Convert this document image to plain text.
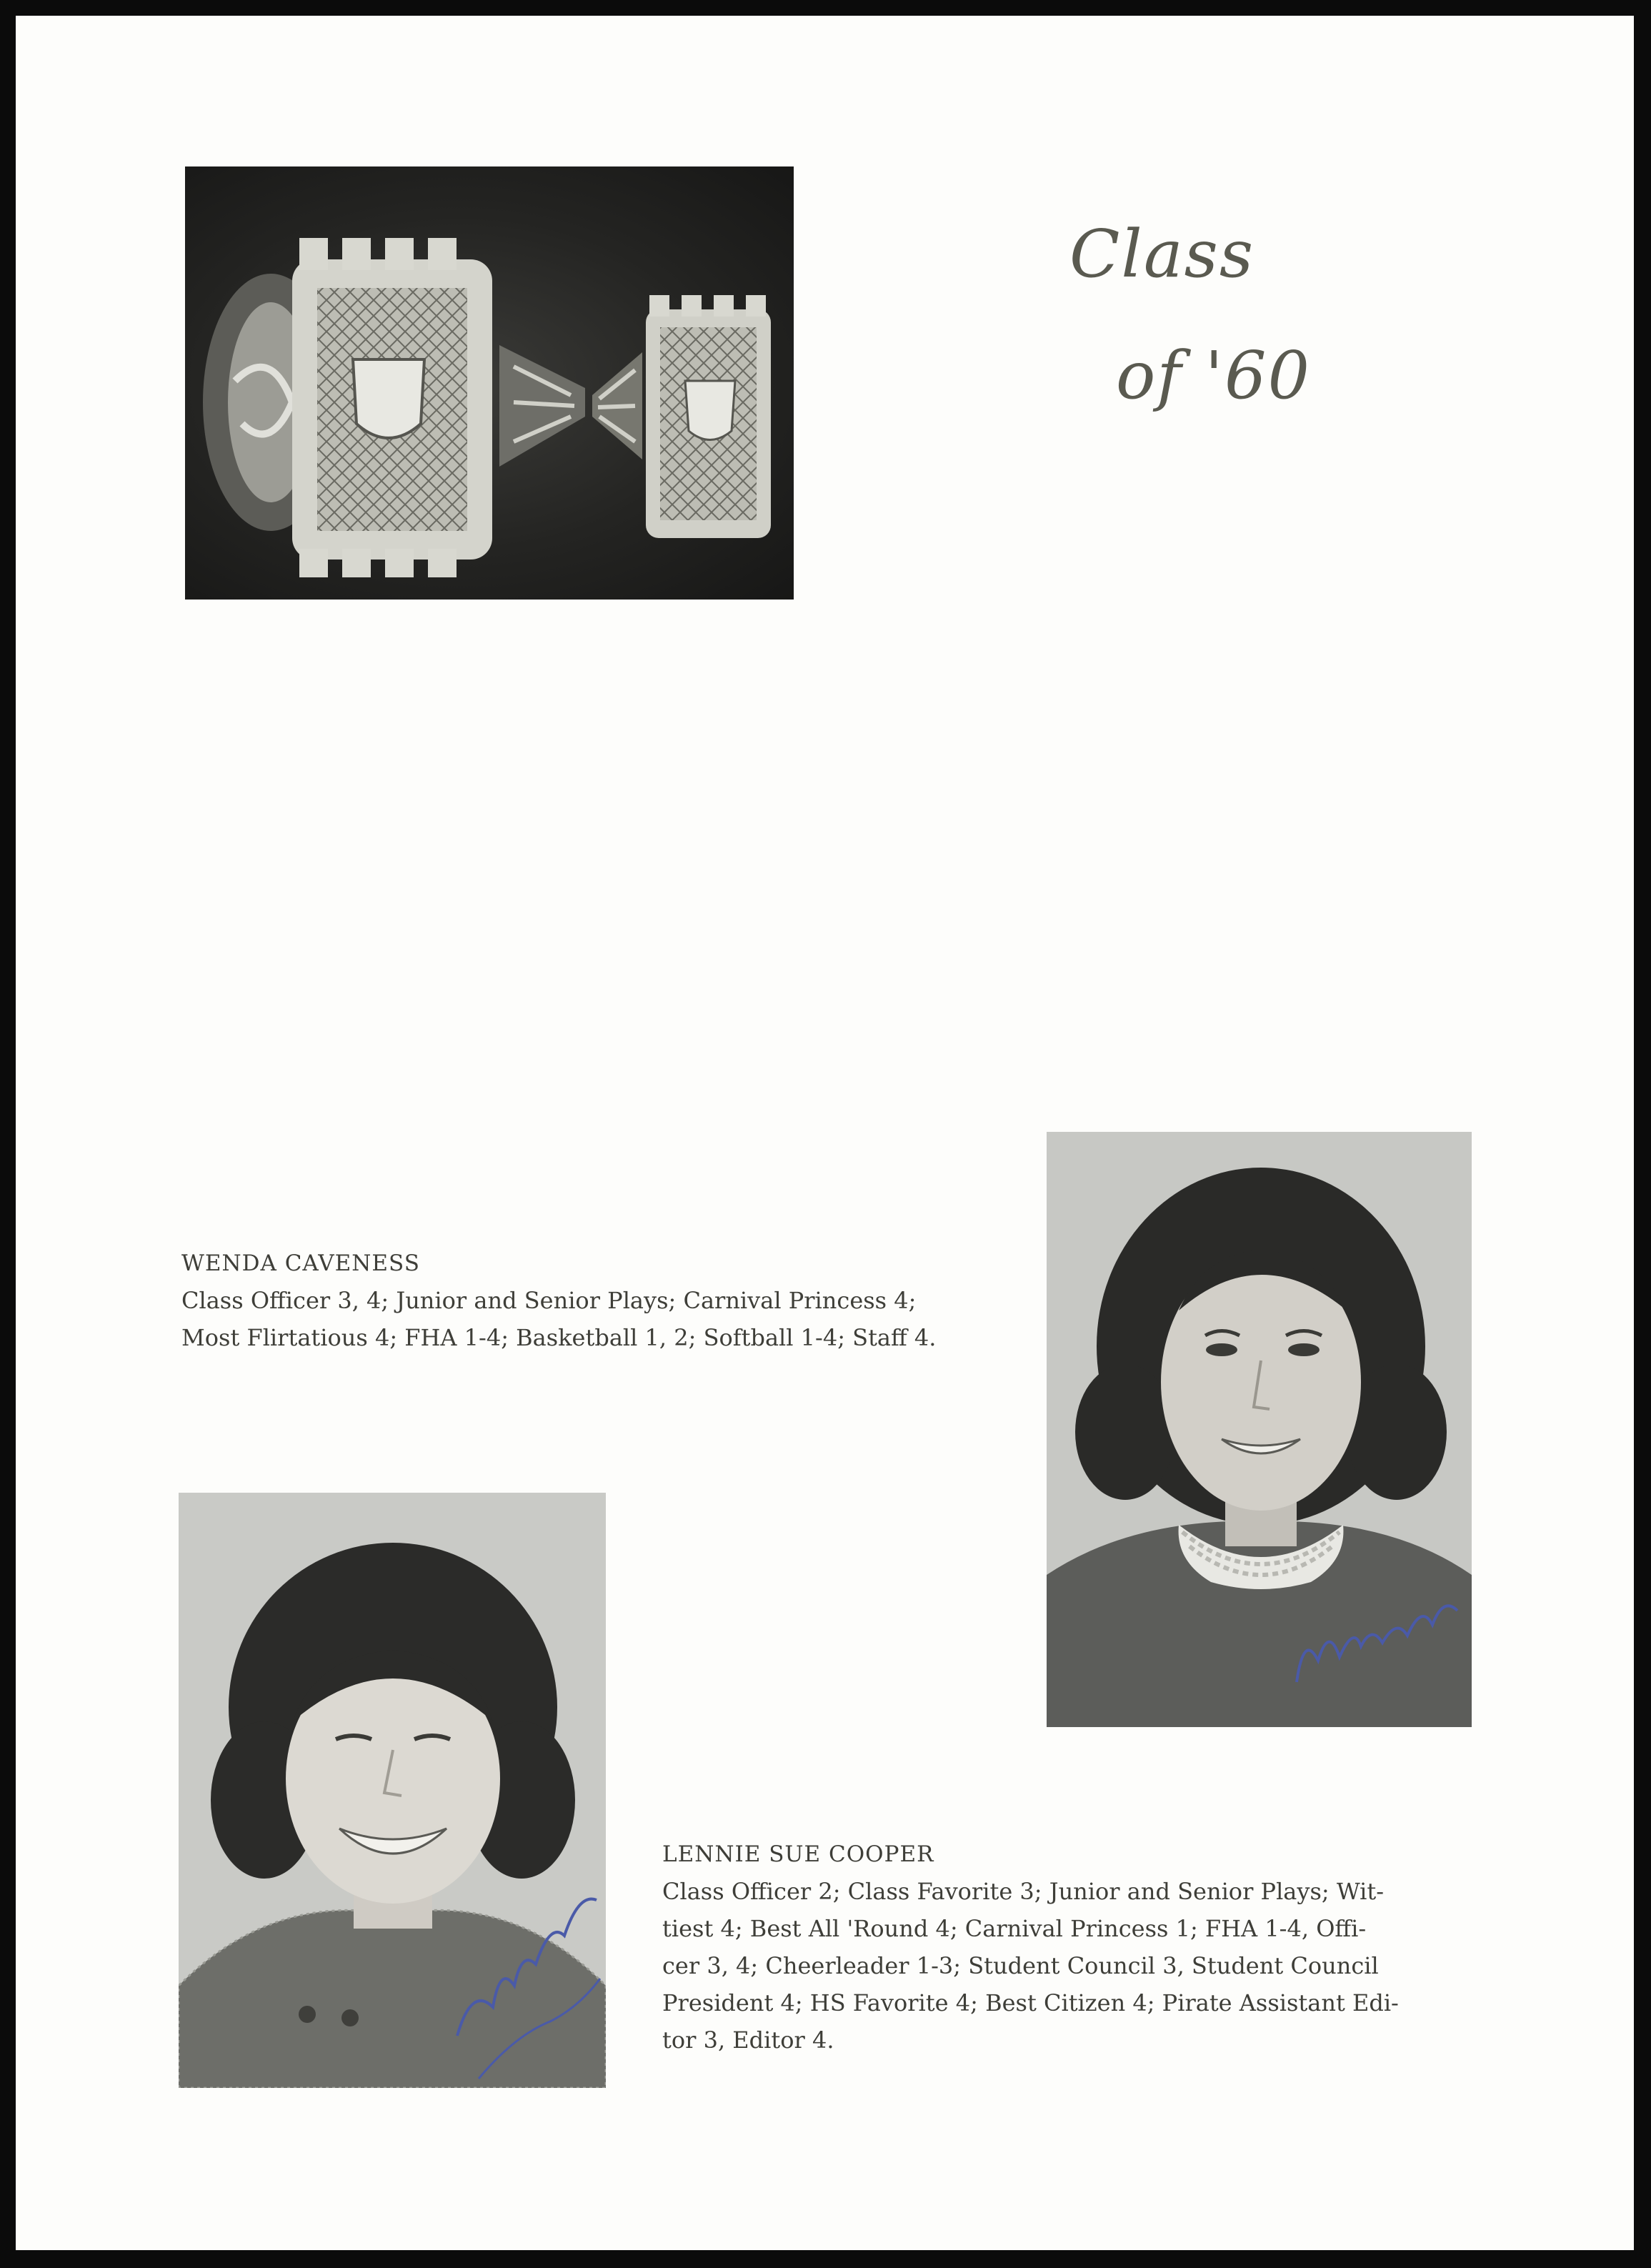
Class
of '60
WENDA CAVENESS
Class Officer 3, 4; Junior and Senior Plays; Carnival Princess 4;
Most Flirtatious 4; FHA 1-4; Basketball 1, 2; Softball 1-4; Staff 4.
LENNIE SUE COOPER
Class Officer 2; Class Favorite 3; Junior and Senior Plays; Wit-
tiest 4; Best All 'Round 4; Carnival Princess 1; FHA 1-4, Offi-
cer 3, 4; Cheerleader 1-3; Student Council 3, Student Council
President 4; HS Favorite 4; Best Citizen 4; Pirate Assistant Edi-
tor 3, Editor 4.
